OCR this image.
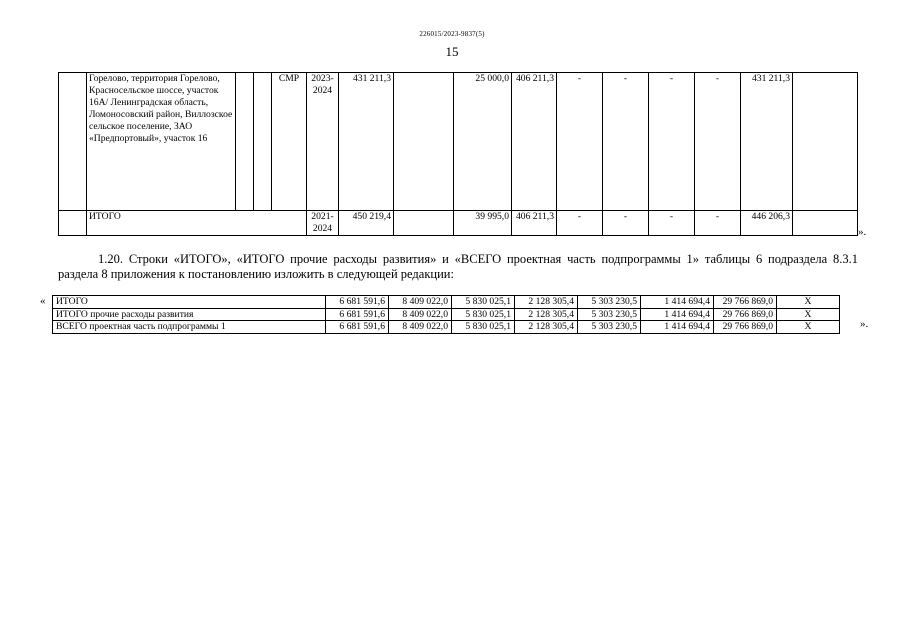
226015/2023-9837(5)
15
	Горелово, территория Горелово, Красносельское шоссе, участок 16А/ Ленинградская область, Ломоносовский район, Виллозское сельское поселение, ЗАО «Предпортовый», участок 16			СМР	2023-2024	431 211,3		25 000,0	406 211,3	-	-	-	-	431 211,3	
	ИТОГО				2021-2024	450 219,4		39 995,0	406 211,3	-	-	-	-	446 206,3	
».
1.20. Строки «ИТОГО», «ИТОГО прочие расходы развития» и «ВСЕГО проектная часть подпрограммы 1» таблицы 6 подраздела 8.3.1
раздела 8 приложения к постановлению изложить в следующей редакции:
« ИТОГО	6 681 591,6	8 409 022,0	5 830 025,1	2 128 305,4	5 303 230,5	1 414 694,4	29 766 869,0	Х
ИТОГО прочие расходы развития	6 681 591,6	8 409 022,0	5 830 025,1	2 128 305,4	5 303 230,5	1 414 694,4	29 766 869,0	Х
ВСЕГО проектная часть подпрограммы 1	6 681 591,6	8 409 022,0	5 830 025,1	2 128 305,4	5 303 230,5	1 414 694,4	29 766 869,0	Х	».
